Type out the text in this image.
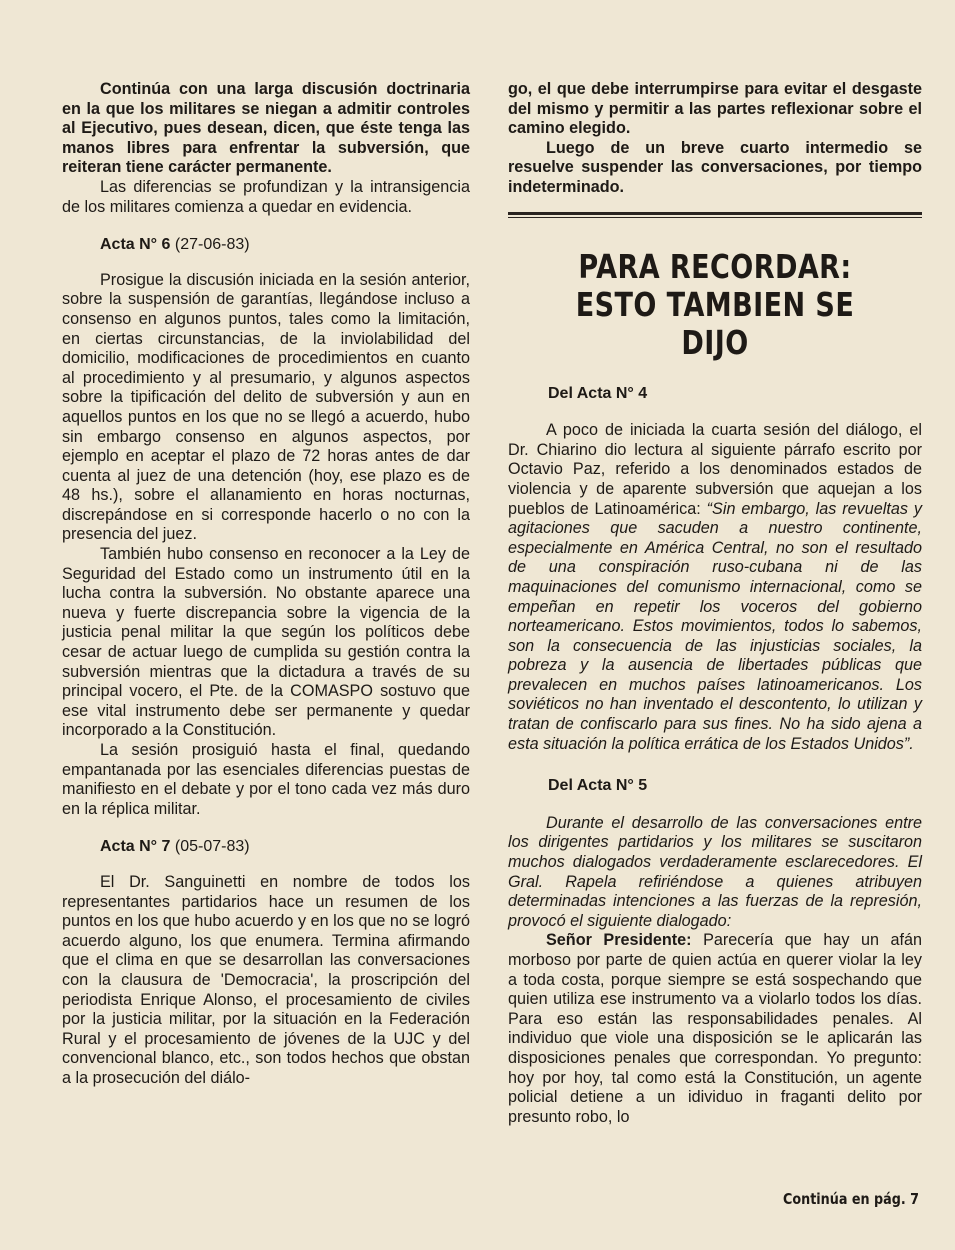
Continúa con una larga discusión doctrinaria en la que los militares se niegan a admitir controles al Ejecutivo, pues desean, dicen, que éste tenga las manos libres para enfrentar la subversión, que reiteran tiene carácter permanente.

Las diferencias se profundizan y la intransigencia de los militares comienza a quedar en evidencia.

Acta N° 6 (27-06-83)

Prosigue la discusión iniciada en la sesión anterior, sobre la suspensión de garantías, llegándose incluso a consenso en algunos puntos, tales como la limitación, en ciertas circunstancias, de la inviolabilidad del domicilio, modificaciones de procedimientos en cuanto al procedimiento y al presumario, y algunos aspectos sobre la tipificación del delito de subversión y aun en aquellos puntos en los que no se llegó a acuerdo, hubo sin embargo consenso en algunos aspectos, por ejemplo en aceptar el plazo de 72 horas antes de dar cuenta al juez de una detención (hoy, ese plazo es de 48 hs.), sobre el allanamiento en horas nocturnas, discrepándose en si corresponde hacerlo o no con la presencia del juez.

También hubo consenso en reconocer a la Ley de Seguridad del Estado como un instrumento útil en la lucha contra la subversión. No obstante aparece una nueva y fuerte discrepancia sobre la vigencia de la justicia penal militar la que según los políticos debe cesar de actuar luego de cumplida su gestión contra la subversión mientras que la dictadura a través de su principal vocero, el Pte. de la COMASPO sostuvo que ese vital instrumento debe ser permanente y quedar incorporado a la Constitución.

La sesión prosiguió hasta el final, quedando empantanada por las esenciales diferencias puestas de manifiesto en el debate y por el tono cada vez más duro en la réplica militar.

Acta N° 7 (05-07-83)

El Dr. Sanguinetti en nombre de todos los representantes partidarios hace un resumen de los puntos en los que hubo acuerdo y en los que no se logró acuerdo alguno, los que enumera. Termina afirmando que el clima en que se desarrollan las conversaciones con la clausura de 'Democracia', la proscripción del periodista Enrique Alonso, el procesamiento de civiles por la justicia militar, por la situación en la Federación Rural y el procesamiento de jóvenes de la UJC y del convencional blanco, etc., son todos hechos que obstan a la prosecución del diálo-

go, el que debe interrumpirse para evitar el desgaste del mismo y permitir a las partes reflexionar sobre el camino elegido.

Luego de un breve cuarto intermedio se resuelve suspender las conversaciones, por tiempo indeterminado.

PARA RECORDAR:
ESTO TAMBIEN SE DIJO
Del Acta N° 4

A poco de iniciada la cuarta sesión del diálogo, el Dr. Chiarino dio lectura al siguiente párrafo escrito por Octavio Paz, referido a los denominados estados de violencia y de aparente subversión que aquejan a los pueblos de Latinoamérica: “Sin embargo, las revueltas y agitaciones que sacuden a nuestro continente, especialmente en América Central, no son el resultado de una conspiración ruso-cubana ni de las maquinaciones del comunismo internacional, como se empeñan en repetir los voceros del gobierno norteamericano. Estos movimientos, todos lo sabemos, son la consecuencia de las injusticias sociales, la pobreza y la ausencia de libertades públicas que prevalecen en muchos países latinoamericanos. Los soviéticos no han inventado el descontento, lo utilizan y tratan de confiscarlo para sus fines. No ha sido ajena a esta situación la política errática de los Estados Unidos”.

Del Acta N° 5

Durante el desarrollo de las conversaciones entre los dirigentes partidarios y los militares se suscitaron muchos dialogados verdaderamente esclarecedores. El Gral. Rapela refiriéndose a quienes atribuyen determinadas intenciones a las fuerzas de la represión, provocó el siguiente dialogado:

Señor Presidente: Parecería que hay un afán morboso por parte de quien actúa en querer violar la ley a toda costa, porque siempre se está sospechando que quien utiliza ese instrumento va a violarlo todos los días. Para eso están las responsabilidades penales. Al individuo que viole una disposición se le aplicarán las disposiciones penales que correspondan. Yo pregunto: hoy por hoy, tal como está la Constitución, un agente policial detiene a un idividuo in fraganti delito por presunto robo, lo

Continúa en pág. 7
